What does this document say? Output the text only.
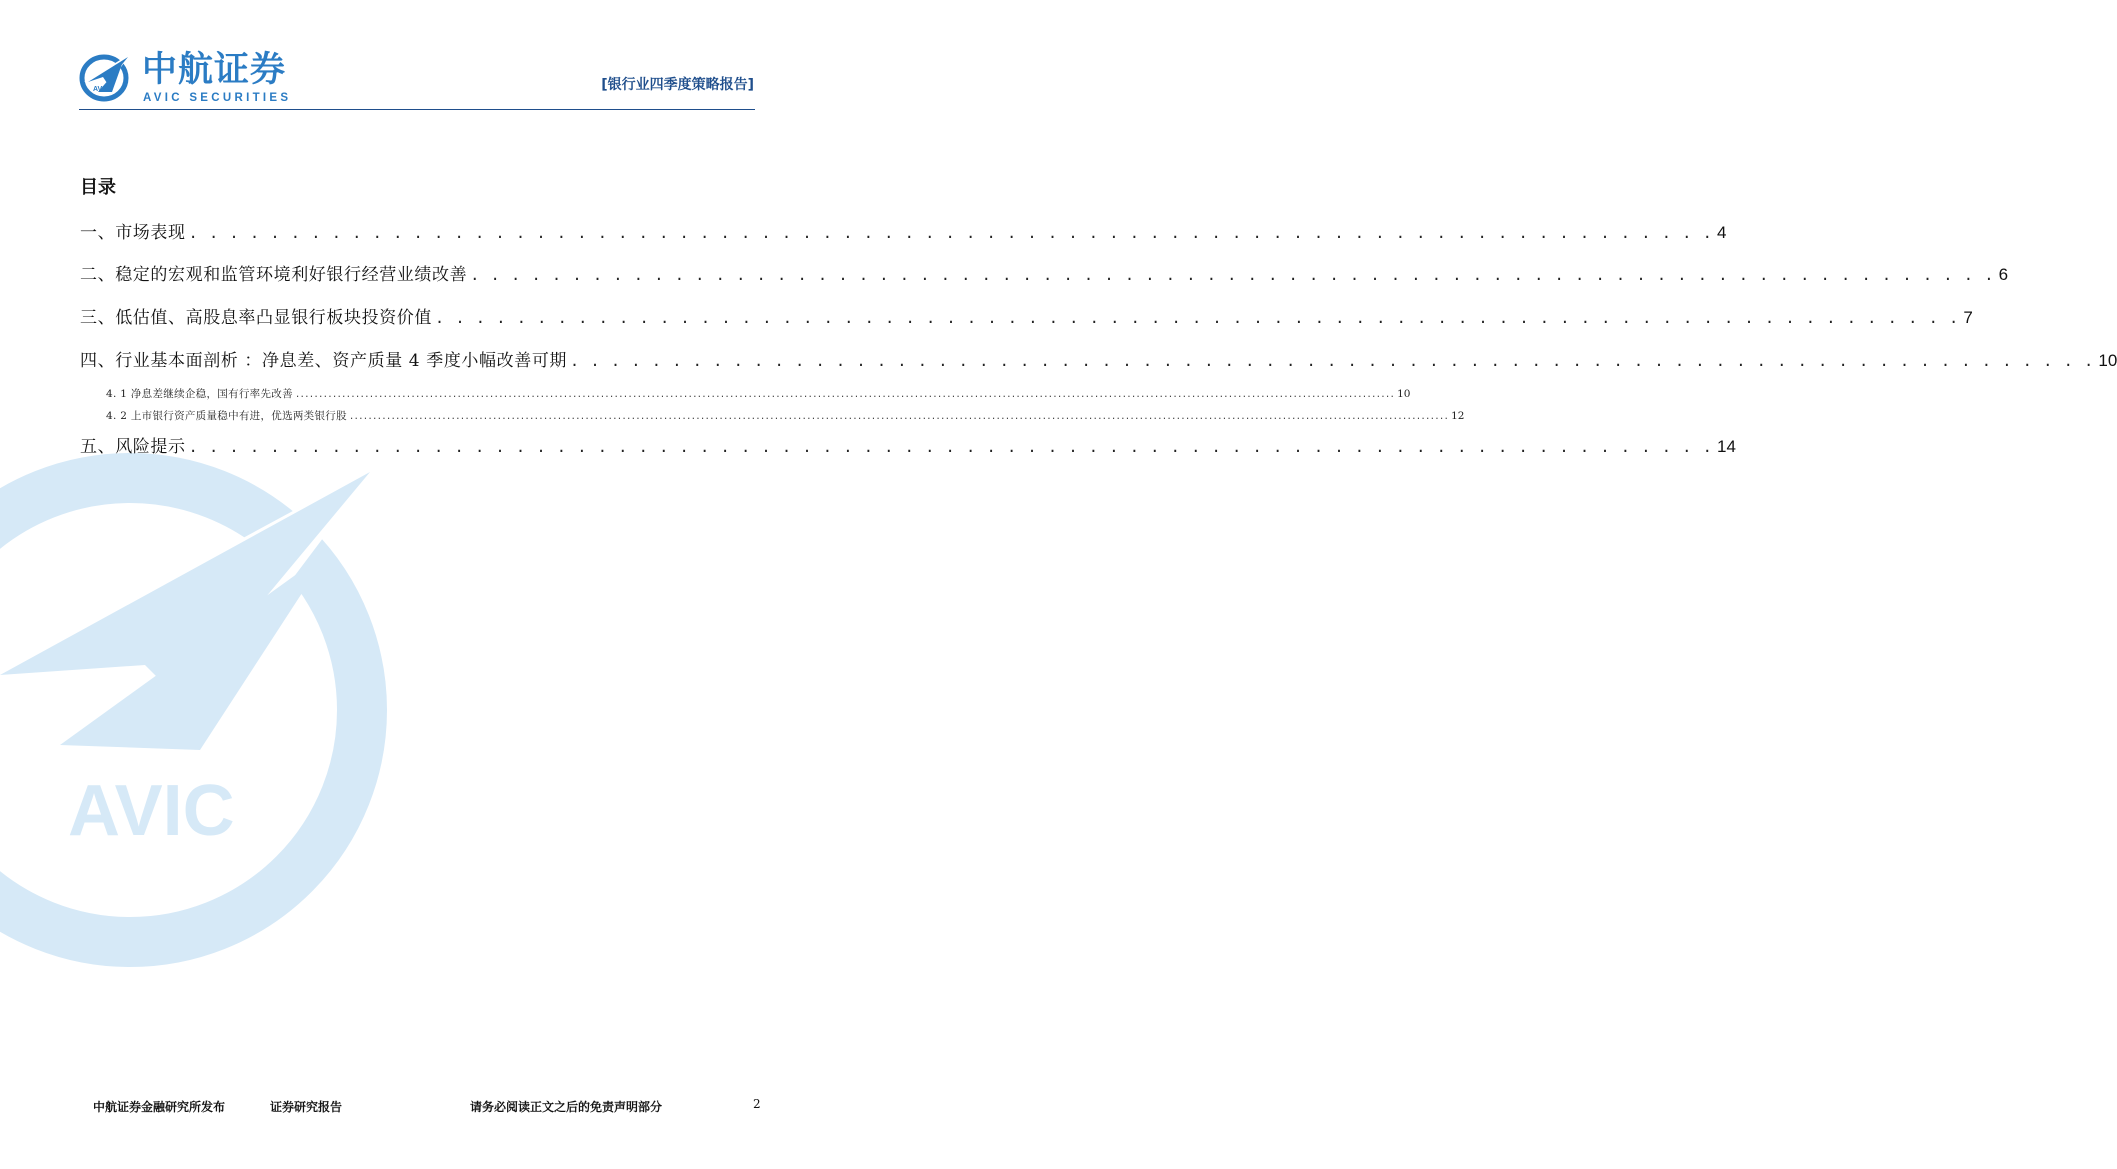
AVIC 中航证券
AVIC SECURITIES
[银行业四季度策略报告]
AVIC
目录
一、市场表现 . . . . . . . . . . . . . . . . . . . . . . . . . . . . . . . . . . . . . . . . . . . . . . . . . . . . . . . . . . . . . . . . . . . . . . . . . . . 4
二、稳定的宏观和监管环境利好银行经营业绩改善 . . . . . . . . . . . . . . . . . . . . . . . . . . . . . . . . . . . . . . . . . . . . . . . . . . . . . . . . . . . . . . . . . . . . . . . . . . . 6
三、低估值、高股息率凸显银行板块投资价值 . . . . . . . . . . . . . . . . . . . . . . . . . . . . . . . . . . . . . . . . . . . . . . . . . . . . . . . . . . . . . . . . . . . . . . . . . . . 7
四、行业基本面剖析 ：净息差、资产质量 4 季度小幅改善可期 . . . . . . . . . . . . . . . . . . . . . . . . . . . . . . . . . . . . . . . . . . . . . . . . . . . . . . . . . . . . . . . . . . . . . . . . . . . 10
4. 1 净息差继续企稳，国有行率先改善 .............................................................................................................................................................................................................................................. 10
4. 2 上市银行资产质量稳中有进，优选两类银行股 .............................................................................................................................................................................................................................................. 12
五、风险提示 . . . . . . . . . . . . . . . . . . . . . . . . . . . . . . . . . . . . . . . . . . . . . . . . . . . . . . . . . . . . . . . . . . . . . . . . . . . 14
中航证券金融研究所发布	证券研究报告	请务必阅读正文之后的免责声明部分	2
